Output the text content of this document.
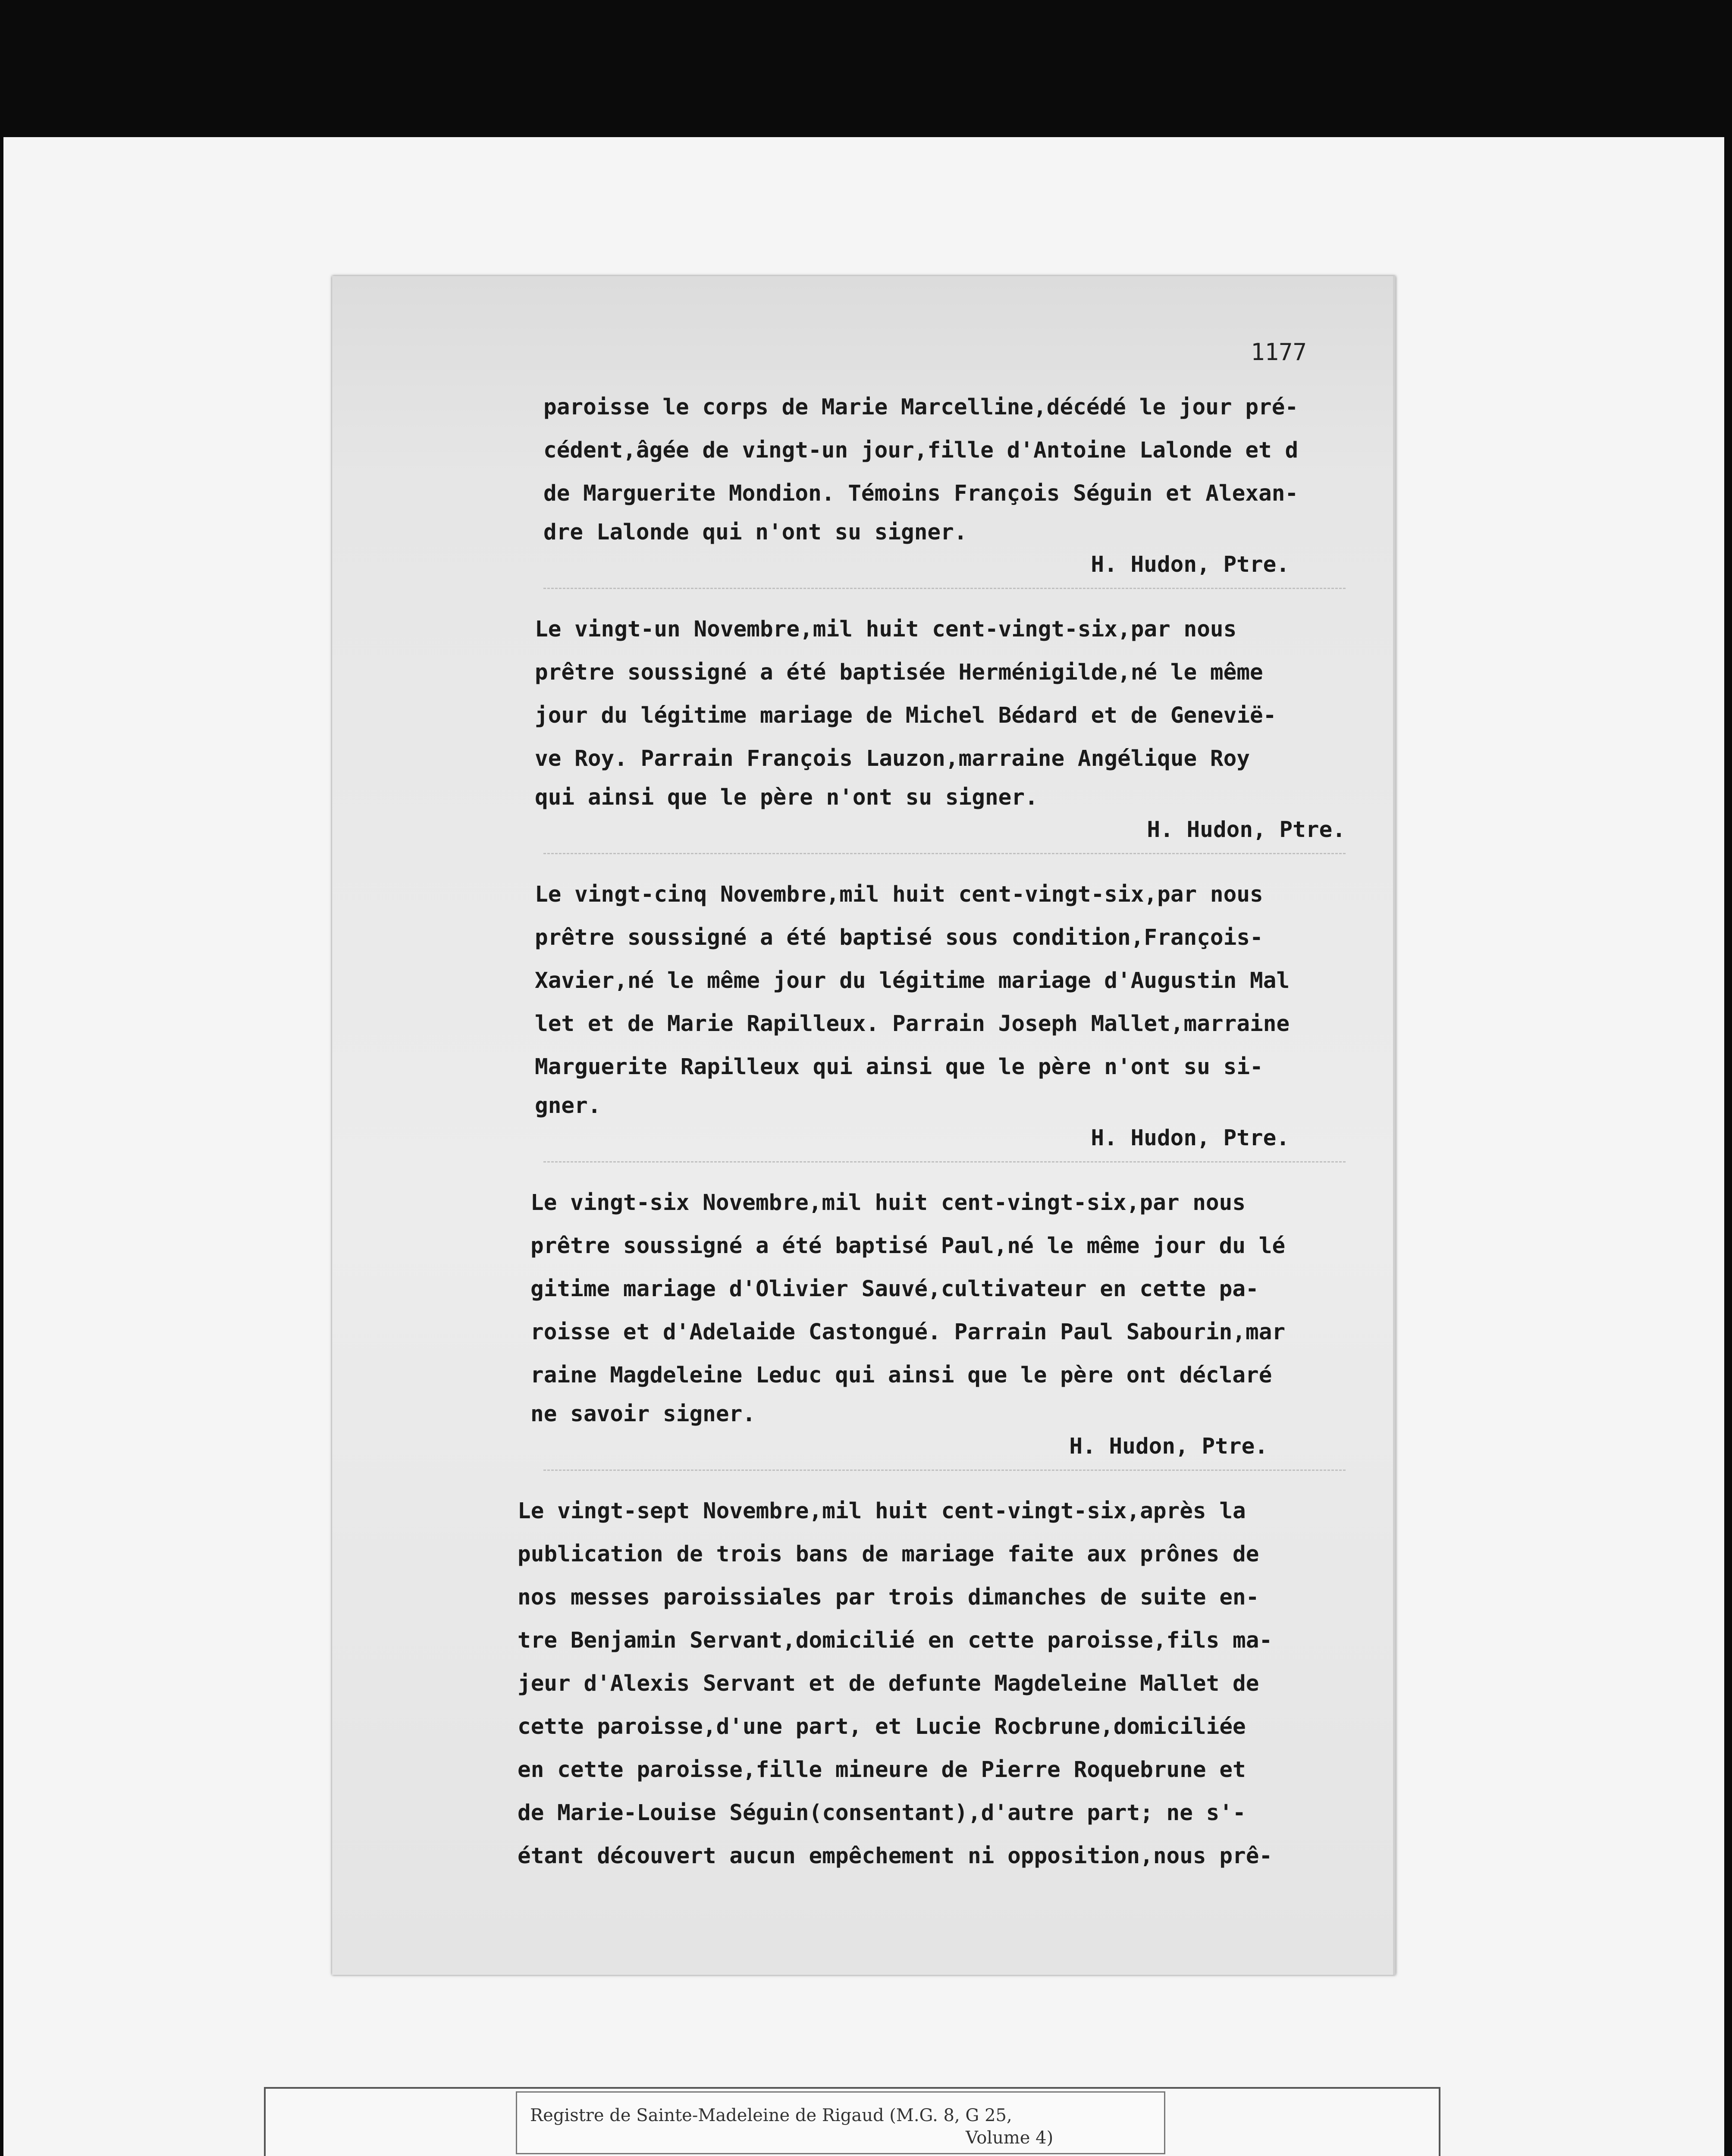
1177
paroisse le corps de Marie Marcelline,décédé le jour pré-
cédent,âgée de vingt-un jour,fille d'Antoine Lalonde et d
de Marguerite Mondion. Témoins François Séguin et Alexan-
dre Lalonde qui n'ont su signer.
H. Hudon, Ptre.
Le vingt-un Novembre,mil huit cent-vingt-six,par nous
prêtre soussigné a été baptisée Herménigilde,né le même
jour du légitime mariage de Michel Bédard et de Genevië-
ve Roy. Parrain François Lauzon,marraine Angélique Roy
qui ainsi que le père n'ont su signer.
H. Hudon, Ptre.
Le vingt-cinq Novembre,mil huit cent-vingt-six,par nous
prêtre soussigné a été baptisé sous condition,François-
Xavier,né le même jour du légitime mariage d'Augustin Mal
let et de Marie Rapilleux. Parrain Joseph Mallet,marraine
Marguerite Rapilleux qui ainsi que le père n'ont su si-
gner.
H. Hudon, Ptre.
Le vingt-six Novembre,mil huit cent-vingt-six,par nous
prêtre soussigné a été baptisé Paul,né le même jour du lé
gitime mariage d'Olivier Sauvé,cultivateur en cette pa-
roisse et d'Adelaide Castongué. Parrain Paul Sabourin,mar
raine Magdeleine Leduc qui ainsi que le père ont déclaré
ne savoir signer.
H. Hudon, Ptre.
Le vingt-sept Novembre,mil huit cent-vingt-six,après la
publication de trois bans de mariage faite aux prônes de
nos messes paroissiales par trois dimanches de suite en-
tre Benjamin Servant,domicilié en cette paroisse,fils ma-
jeur d'Alexis Servant et de defunte Magdeleine Mallet de
cette paroisse,d'une part, et Lucie Rocbrune,domiciliée
en cette paroisse,fille mineure de Pierre Roquebrune et
de Marie-Louise Séguin(consentant),d'autre part; ne s'-
étant découvert aucun empêchement ni opposition,nous prê-
Registre de Sainte-Madeleine de Rigaud (M.G. 8, G 25,
Volume 4)
